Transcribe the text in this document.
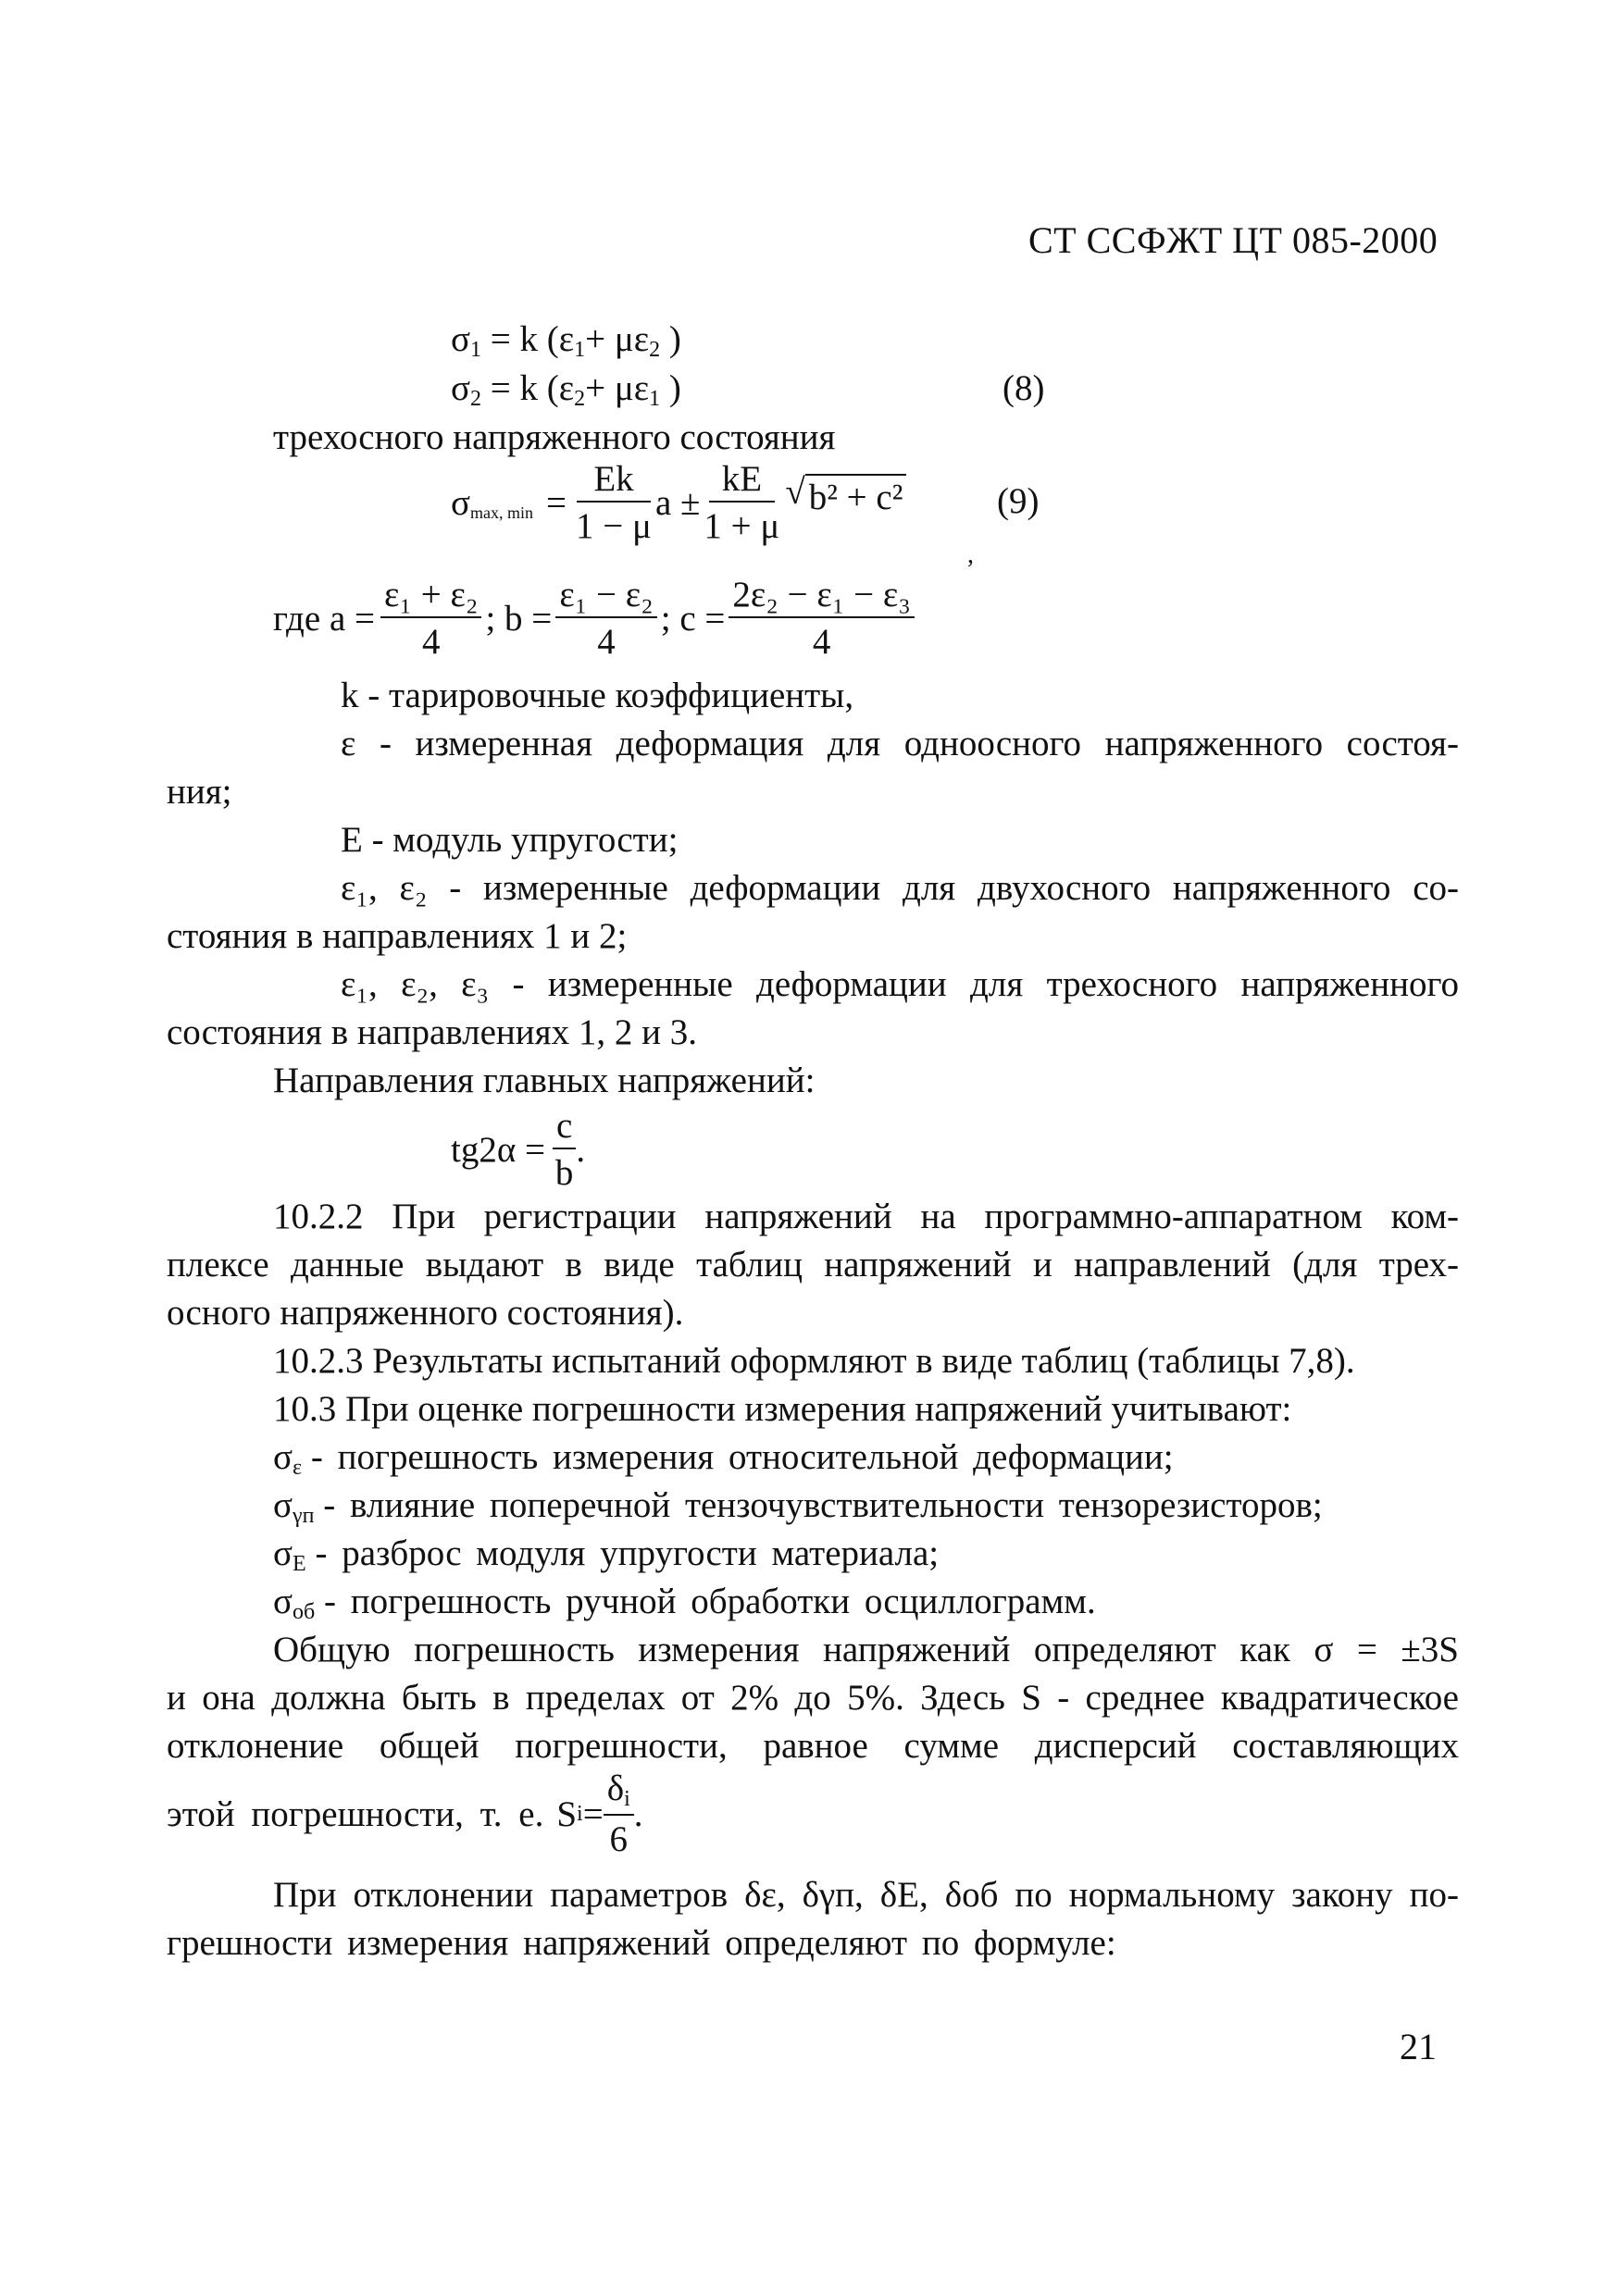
СТ ССФЖТ ЦТ 085-2000
$\sigma_1 = k$ ($\varepsilon_1+ \mu\varepsilon_2$ )
$\sigma_2 = k$ ($\varepsilon_2+ \mu\varepsilon_1$ )	(8)
трехосного напряженного состояния
σ max, $\min = \frac{Ek}{1 - \mu}$ $a \pm \frac{kE}{1 + \mu}$ √ b² + c²	(9)
,
где $a = \frac{\text{ε₁ + ε₂}}{4}$ ; $b = \frac{\text{ε₁ − ε₂}}{4}$ ; $c = \frac{\text{2ε₂ − ε₁ − ε₃}}{4}$
k - тарировочные коэффициенты,
ε - измеренная деформация для одноосного напряженного состоя-
ния;
E - модуль упругости;
ε₁, ε₂ - измеренные деформации для двухосного напряженного со-
стояния в направлениях 1 и 2;
ε₁, ε₂, ε₃ - измеренные деформации для трехосного напряженного
состояния в направлениях 1, 2 и 3.
Направления главных напряжений:
$tg2\alpha = \frac{c}{b}$ .
10.2.2 При регистрации напряжений на программно-аппаратном ком-
плексе данные выдают в виде таблиц напряжений и направлений (для трех-
осного напряженного состояния).
10.2.3 Результаты испытаний оформляют в виде таблиц (таблицы 7,8).
10.3 При оценке погрешности измерения напряжений учитывают:
$\sigma_\varepsilon$ - погрешность измерения относительной деформации;
$\sigma_{\gamma п}$ - влияние поперечной тензочувствительности тензорезисторов;
$\sigma_E$ - разброс модуля упругости материала;
$\sigma_{об}$ - погрешность ручной обработки осциллограмм.
Общую погрешность измерения напряжений определяют как σ = ±3S
и она должна быть в пределах от 2% до 5%. Здесь S - среднее квадратическое
отклонение общей погрешности, равное сумме дисперсий составляющих
этой погрешности, т. е. S $i = \frac{\delta_i}{6}$ .
При отклонении параметров δε, δγп, δE, δоб по нормальному закону по-
грешности измерения напряжений определяют по формуле:
21
